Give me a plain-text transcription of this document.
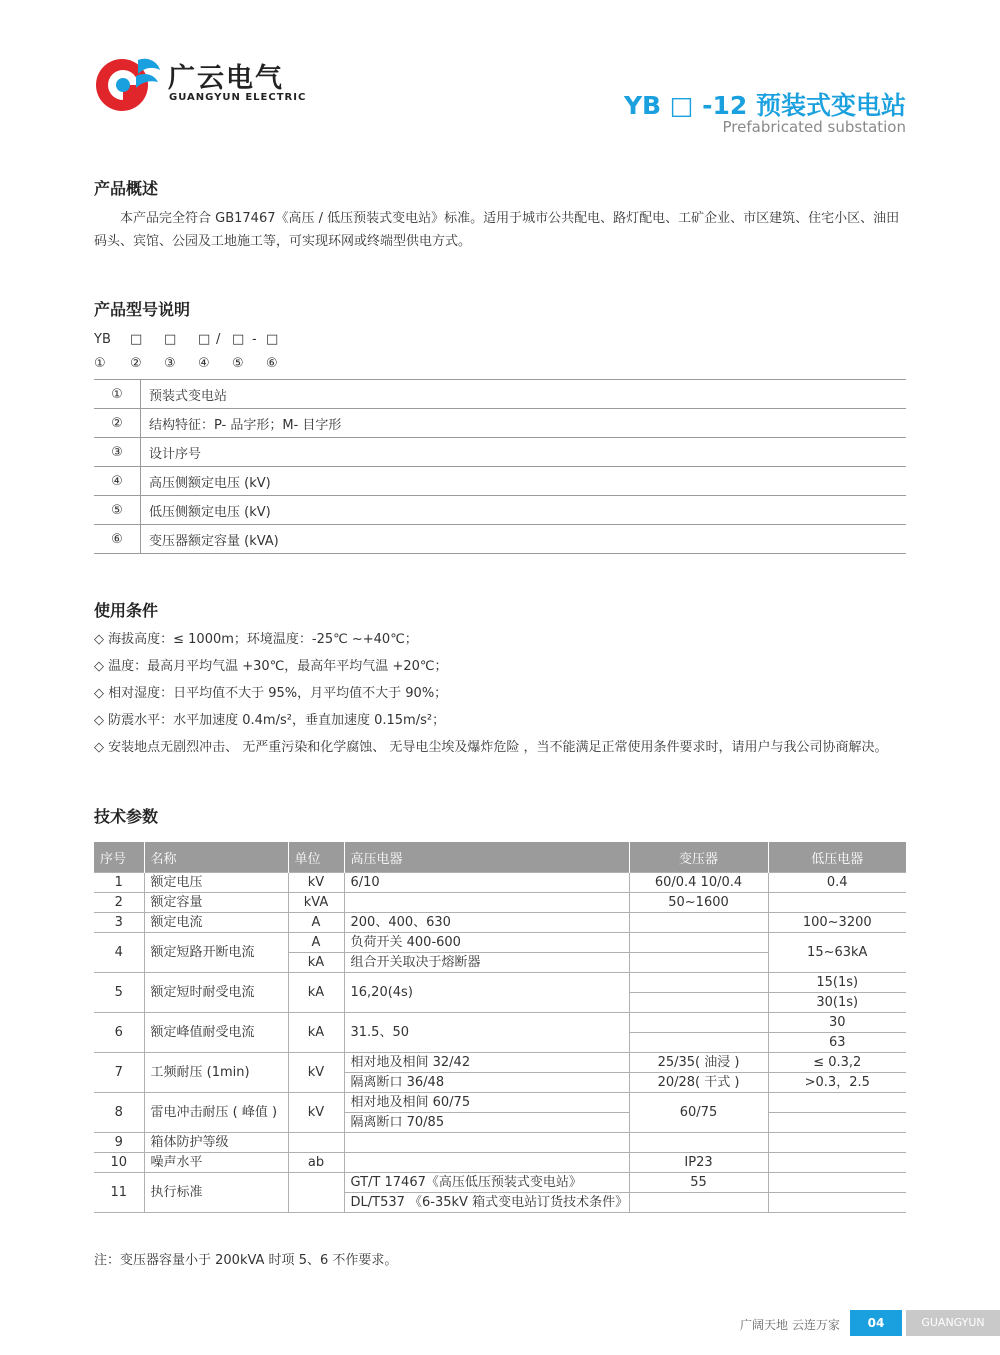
广云电气
GUANGYUN ELECTRIC	YB □ -12 预装式变电站
Prefabricated substation
产品概述
本产品完全符合 GB17467《高压 / 低压预装式变电站》标准。适用于城市公共配电、路灯配电、工矿企业、市区建筑、住宅小区、油田码头、宾馆、公园及工地施工等，可实现环网或终端型供电方式。
产品型号说明
YB □ □ □ / □ - □
① ② ③ ④ ⑤ ⑥
①	预装式变电站
②	结构特征：P- 品字形；M- 目字形
③	设计序号
④	高压侧额定电压 (kV)
⑤	低压侧额定电压 (kV)
⑥	变压器额定容量 (kVA)
使用条件
◇ 海拔高度：≤ 1000m；环境温度：-25℃ ~+40℃；
◇ 温度：最高月平均气温 +30℃，最高年平均气温 +20℃；
◇ 相对湿度：日平均值不大于 95%，月平均值不大于 90%；
◇ 防震水平：水平加速度 0.4m/s²，垂直加速度 0.15m/s²；
◇ 安装地点无剧烈冲击、 无严重污染和化学腐蚀、 无导电尘埃及爆炸危险 ，当不能满足正常使用条件要求时，请用户与我公司协商解决。
技术参数
序号	名称	单位	高压电器	变压器	低压电器
1	额定电压	kV	6/10	60/0.4 10/0.4	0.4
2	额定容量	kVA		50~1600	
3	额定电流	A	200、400、630		100~3200
4	额定短路开断电流	A	负荷开关 400-600		15~63kA
		kA	组合开关取决于熔断器		
5	额定短时耐受电流	kA	16,20(4s)		15(1s)
					30(1s)
6	额定峰值耐受电流	kA	31.5、50		30
					63
7	工频耐压 (1min)	kV	相对地及相间 32/42	25/35( 油浸 )	≤ 0.3,2
			隔离断口 36/48	20/28( 干式 )	>0.3，2.5
8	雷电冲击耐压 ( 峰值 )	kV	相对地及相间 60/75	60/75	
			隔离断口 70/85		
9	箱体防护等级				
10	噪声水平	ab		IP23	
11	执行标准		GT/T 17467《高压低压预装式变电站》	55	
			DL/T537 《6-35kV 箱式变电站订货技术条件》		
注：变压器容量小于 200kVA 时项 5、6 不作要求。
广阔天地 云连万家	04	GUANGYUN
